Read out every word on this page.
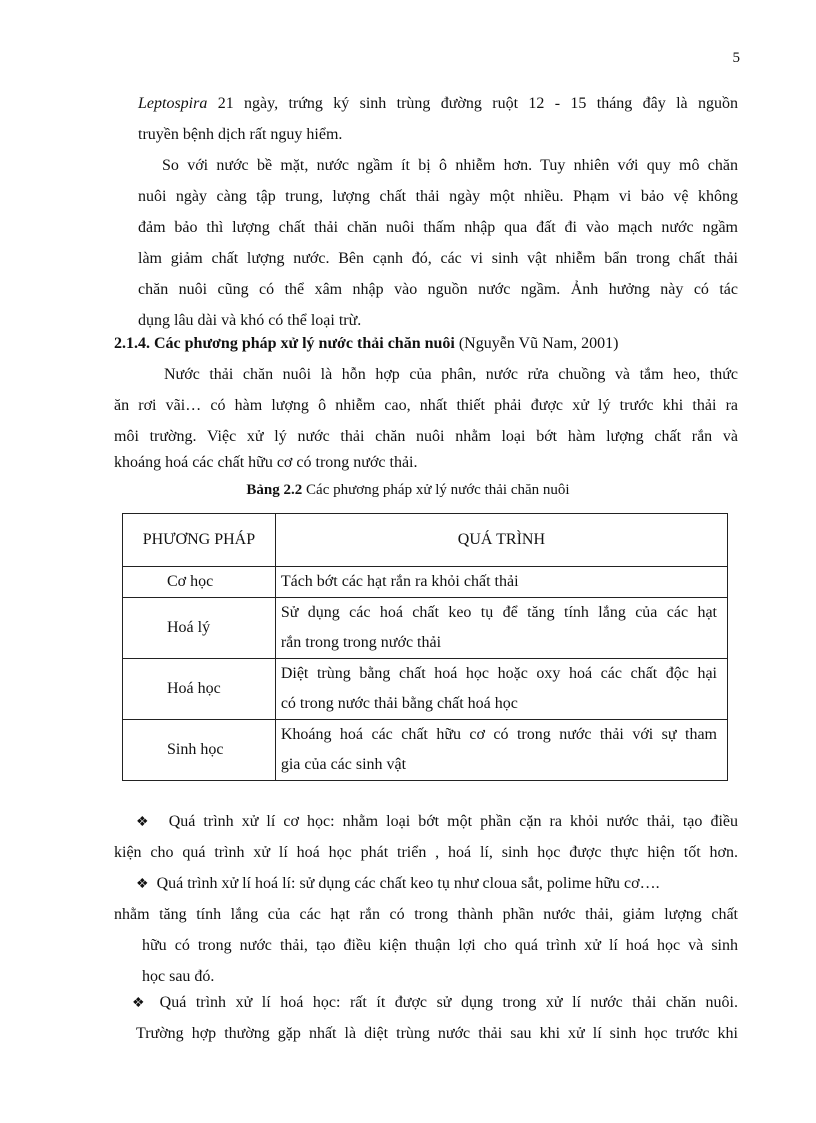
5
Leptospira 21 ngày, trứng ký sinh trùng đường ruột 12 - 15 tháng đây là nguồn
truyền bệnh dịch rất nguy hiểm.
So với nước bề mặt, nước ngầm ít bị ô nhiễm hơn. Tuy nhiên với quy mô chăn
nuôi ngày càng tập trung, lượng chất thải ngày một nhiều. Phạm vi bảo vệ không
đảm bảo thì lượng chất thải chăn nuôi thấm nhập qua đất đi vào mạch nước ngầm
làm giảm chất lượng nước. Bên cạnh đó, các vi sinh vật nhiễm bẩn trong chất thải
chăn nuôi cũng có thể xâm nhập vào nguồn nước ngầm. Ảnh hưởng này có tác
dụng lâu dài và khó có thể loại trừ.
2.1.4. Các phương pháp xử lý nước thải chăn nuôi (Nguyễn Vũ Nam, 2001)
Nước thải chăn nuôi là hỗn hợp của phân, nước rửa chuồng và tắm heo, thức
ăn rơi vãi… có hàm lượng ô nhiễm cao, nhất thiết phải được xử lý trước khi thải ra
môi trường. Việc xử lý nước thải chăn nuôi nhằm loại bớt hàm lượng chất rắn và
khoáng hoá các chất hữu cơ có trong nước thải.
Bảng 2.2 Các phương pháp xử lý nước thải chăn nuôi
PHƯƠNG PHÁP	QUÁ TRÌNH
Cơ học	Tách bớt các hạt rắn ra khỏi chất thải

Hoá lý	Sử dụng các hoá chất keo tụ để tăng tính lắng của các hạt
rắn trong trong nước thải

Hoá học	Diệt trùng bằng chất hoá học hoặc oxy hoá các chất độc hại
có trong nước thải bằng chất hoá học

Sinh học	Khoáng hoá các chất hữu cơ có trong nước thải với sự tham
gia của các sinh vật
❖ Quá trình xử lí cơ học: nhằm loại bớt một phần cặn ra khỏi nước thải, tạo điều
kiện cho quá trình xử lí hoá học phát triển , hoá lí, sinh học được thực hiện tốt hơn.
❖ Quá trình xử lí hoá lí: sử dụng các chất keo tụ như cloua sắt, polime hữu cơ….
nhằm tăng tính lắng của các hạt rắn có trong thành phần nước thải, giảm lượng chất
hữu có trong nước thải, tạo điều kiện thuận lợi cho quá trình xử lí hoá học và sinh
học sau đó.
❖ Quá trình xử lí hoá học: rất ít được sử dụng trong xử lí nước thải chăn nuôi.
Trường hợp thường gặp nhất là diệt trùng nước thải sau khi xử lí sinh học trước khi
